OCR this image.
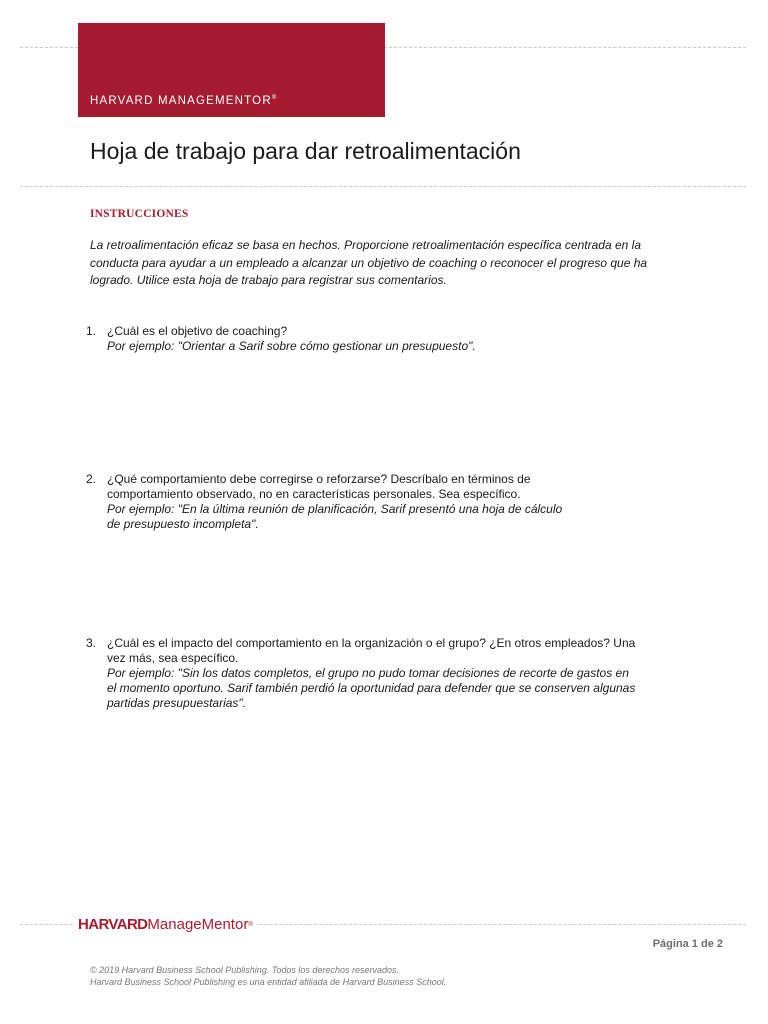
HARVARD MANAGEMENTOR®
Hoja de trabajo para dar retroalimentación
INSTRUCCIONES

La retroalimentación eficaz se basa en hechos. Proporcione retroalimentación específica centrada en la conducta para ayudar a un empleado a alcanzar un objetivo de coaching o reconocer el progreso que ha logrado. Utilice esta hoja de trabajo para registrar sus comentarios.

1. ¿Cuál es el objetivo de coaching?
Por ejemplo: "Orientar a Sarif sobre cómo gestionar un presupuesto".
2. ¿Qué comportamiento debe corregirse o reforzarse? Descríbalo en términos de comportamiento observado, no en características personales. Sea específico.
Por ejemplo: "En la última reunión de planificación, Sarif presentó una hoja de cálculo de presupuesto incompleta".
3. ¿Cuál es el impacto del comportamiento en la organización o el grupo? ¿En otros empleados? Una vez más, sea específico.
Por ejemplo: "Sin los datos completos, el grupo no pudo tomar decisiones de recorte de gastos en el momento oportuno. Sarif también perdió la oportunidad para defender que se conserven algunas partidas presupuestarias".
HARVARDManageMentor®
Página 1 de 2
© 2019 Harvard Business School Publishing. Todos los derechos reservados.
Harvard Business School Publishing es una entidad afiliada de Harvard Business School.
